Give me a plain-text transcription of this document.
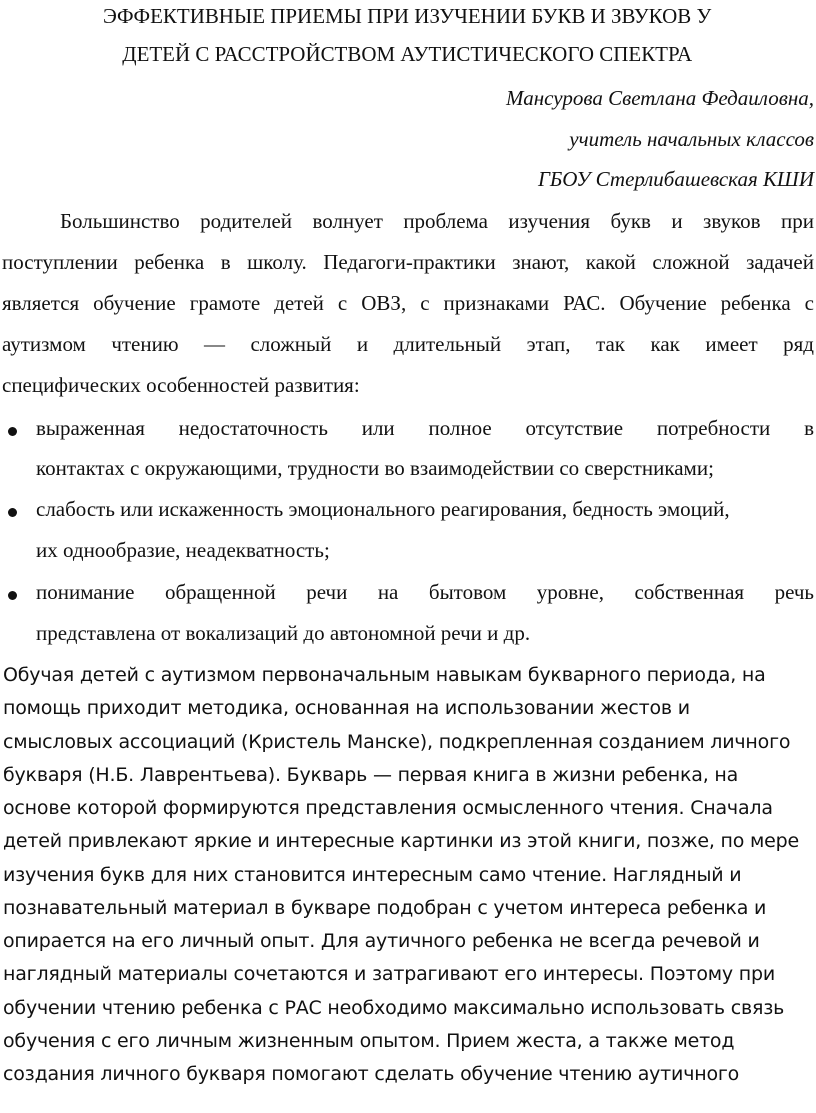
ЭФФЕКТИВНЫЕ ПРИЕМЫ ПРИ ИЗУЧЕНИИ БУКВ И ЗВУКОВ У
ДЕТЕЙ С РАССТРОЙСТВОМ АУТИСТИЧЕСКОГО СПЕКТРА
Мансурова Светлана Федаиловна,
учитель начальных классов
ГБОУ Стерлибашевская КШИ
Большинство родителей волнует проблема изучения букв и звуков при
поступлении ребенка в школу. Педагоги-практики знают, какой сложной задачей
является обучение грамоте детей с ОВЗ, с признаками РАС. Обучение ребенка с
аутизмом чтению — сложный и длительный этап, так как имеет ряд
специфических особенностей развития:
выраженная недостаточность или полное отсутствие потребности в
контактах с окружающими, трудности во взаимодействии со сверстниками;
слабость или искаженность эмоционального реагирования, бедность эмоций,
их однообразие, неадекватность;
понимание обращенной речи на бытовом уровне, собственная речь
представлена от вокализаций до автономной речи и др.
Обучая детей с аутизмом первоначальным навыкам букварного периода, на
помощь приходит методика, основанная на использовании жестов и
смысловых ассоциаций (Кристель Манске), подкрепленная созданием личного
букваря (Н.Б. Лаврентьева). Букварь — первая книга в жизни ребенка, на
основе которой формируются представления осмысленного чтения. Сначала
детей привлекают яркие и интересные картинки из этой книги, позже, по мере
изучения букв для них становится интересным само чтение. Наглядный и
познавательный материал в букваре подобран с учетом интереса ребенка и
опирается на его личный опыт. Для аутичного ребенка не всегда речевой и
наглядный материалы сочетаются и затрагивают его интересы. Поэтому при
обучении чтению ребенка с РАС необходимо максимально использовать связь
обучения с его личным жизненным опытом. Прием жеста, а также метод
создания личного букваря помогают сделать обучение чтению аутичного
